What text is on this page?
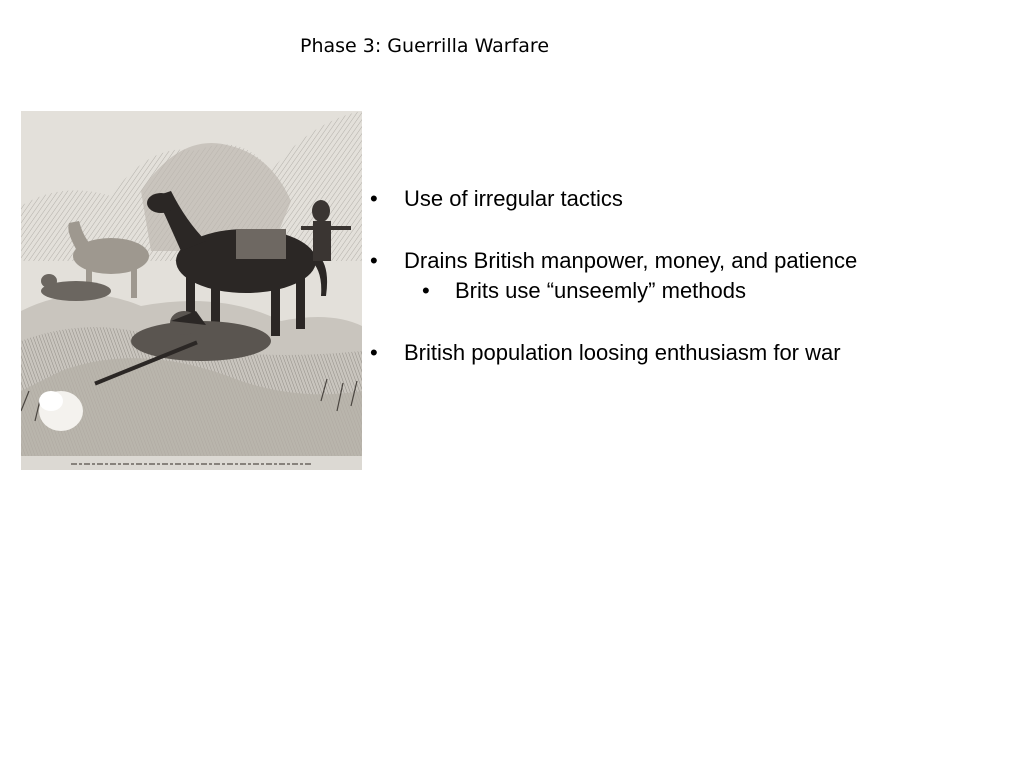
Phase 3: Guerrilla Warfare
• Use of irregular tactics
• Drains British manpower, money, and patience
• Brits use “unseemly” methods
• British population loosing enthusiasm for war
